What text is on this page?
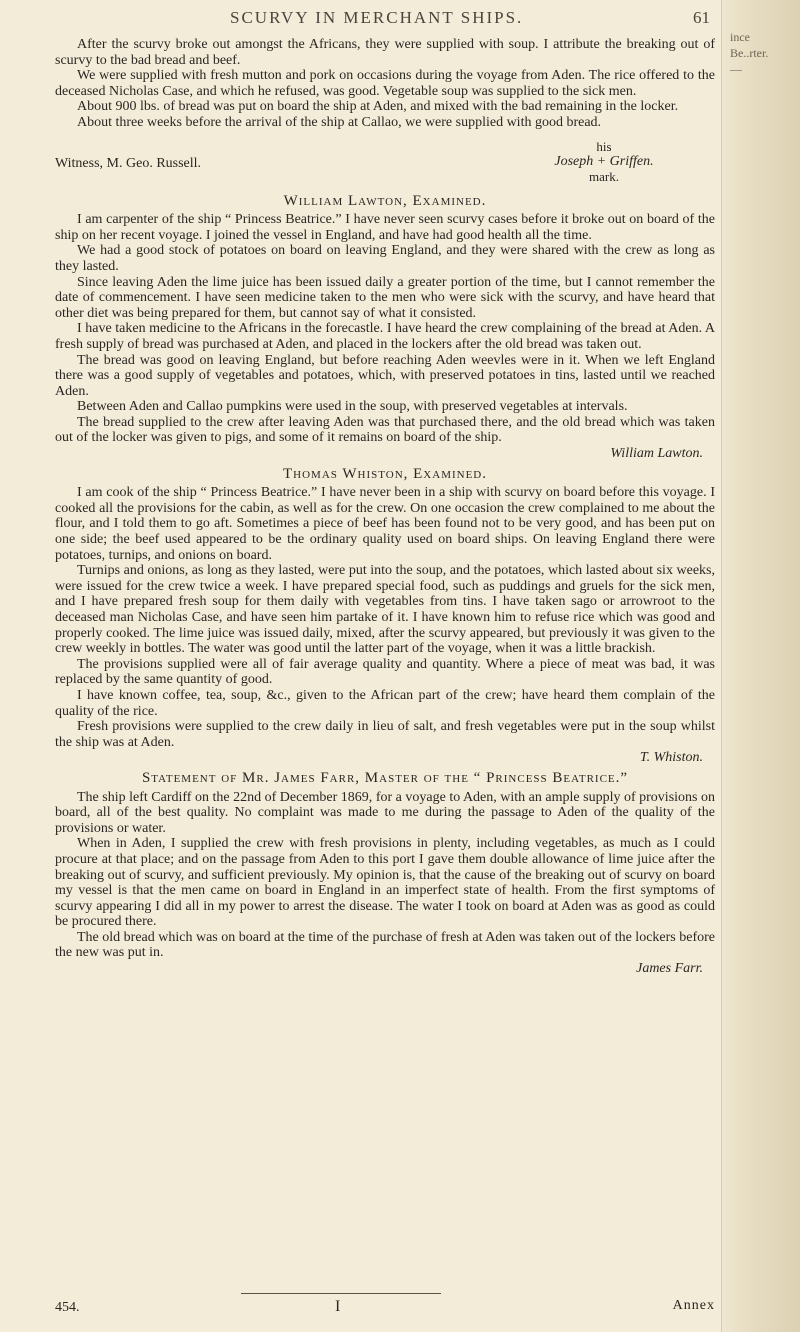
ince
Be..rter.
—
SCURVY IN MERCHANT SHIPS.	61

After the scurvy broke out amongst the Africans, they were supplied with soup. I attribute the breaking out of scurvy to the bad bread and beef.

We were supplied with fresh mutton and pork on occasions during the voyage from Aden. The rice offered to the deceased Nicholas Case, and which he refused, was good. Vegetable soup was supplied to the sick men.

About 900 lbs. of bread was put on board the ship at Aden, and mixed with the bad remaining in the locker.

About three weeks before the arrival of the ship at Callao, we were supplied with good bread.

Witness, M. Geo. Russell.
his
Joseph + Griffen.
mark.
William Lawton, Examined.

I am carpenter of the ship “ Princess Beatrice.” I have never seen scurvy cases before it broke out on board of the ship on her recent voyage. I joined the vessel in England, and have had good health all the time.

We had a good stock of potatoes on board on leaving England, and they were shared with the crew as long as they lasted.

Since leaving Aden the lime juice has been issued daily a greater portion of the time, but I cannot remember the date of commencement. I have seen medicine taken to the men who were sick with the scurvy, and have heard that other diet was being prepared for them, but cannot say of what it consisted.

I have taken medicine to the Africans in the forecastle. I have heard the crew complaining of the bread at Aden. A fresh supply of bread was purchased at Aden, and placed in the lockers after the old bread was taken out.

The bread was good on leaving England, but before reaching Aden weevles were in it. When we left England there was a good supply of vegetables and potatoes, which, with preserved potatoes in tins, lasted until we reached Aden.

Between Aden and Callao pumpkins were used in the soup, with preserved vegetables at intervals.

The bread supplied to the crew after leaving Aden was that purchased there, and the old bread which was taken out of the locker was given to pigs, and some of it remains on board of the ship.

William Lawton.

Thomas Whiston, Examined.

I am cook of the ship “ Princess Beatrice.” I have never been in a ship with scurvy on board before this voyage. I cooked all the provisions for the cabin, as well as for the crew. On one occasion the crew complained to me about the flour, and I told them to go aft. Sometimes a piece of beef has been found not to be very good, and has been put on one side; the beef used appeared to be the ordinary quality used on board ships. On leaving England there were potatoes, turnips, and onions on board.

Turnips and onions, as long as they lasted, were put into the soup, and the potatoes, which lasted about six weeks, were issued for the crew twice a week. I have prepared special food, such as puddings and gruels for the sick men, and I have prepared fresh soup for them daily with vegetables from tins. I have taken sago or arrowroot to the deceased man Nicholas Case, and have seen him partake of it. I have known him to refuse rice which was good and properly cooked. The lime juice was issued daily, mixed, after the scurvy appeared, but previously it was given to the crew weekly in bottles. The water was good until the latter part of the voyage, when it was a little brackish.

The provisions supplied were all of fair average quality and quantity. Where a piece of meat was bad, it was replaced by the same quantity of good.

I have known coffee, tea, soup, &c., given to the African part of the crew; have heard them complain of the quality of the rice.

Fresh provisions were supplied to the crew daily in lieu of salt, and fresh vegetables were put in the soup whilst the ship was at Aden.

T. Whiston.

Statement of Mr. James Farr, Master of the “ Princess Beatrice.”

The ship left Cardiff on the 22nd of December 1869, for a voyage to Aden, with an ample supply of provisions on board, all of the best quality. No complaint was made to me during the passage to Aden of the quality of the provisions or water.

When in Aden, I supplied the crew with fresh provisions in plenty, including vegetables, as much as I could procure at that place; and on the passage from Aden to this port I gave them double allowance of lime juice after the breaking out of scurvy, and sufficient previously. My opinion is, that the cause of the breaking out of scurvy on board my vessel is that the men came on board in England in an imperfect state of health. From the first symptoms of scurvy appearing I did all in my power to arrest the disease. The water I took on board at Aden was as good as could be procured there.

The old bread which was on board at the time of the purchase of fresh at Aden was taken out of the lockers before the new was put in.

James Farr.

454.	I	Annex
